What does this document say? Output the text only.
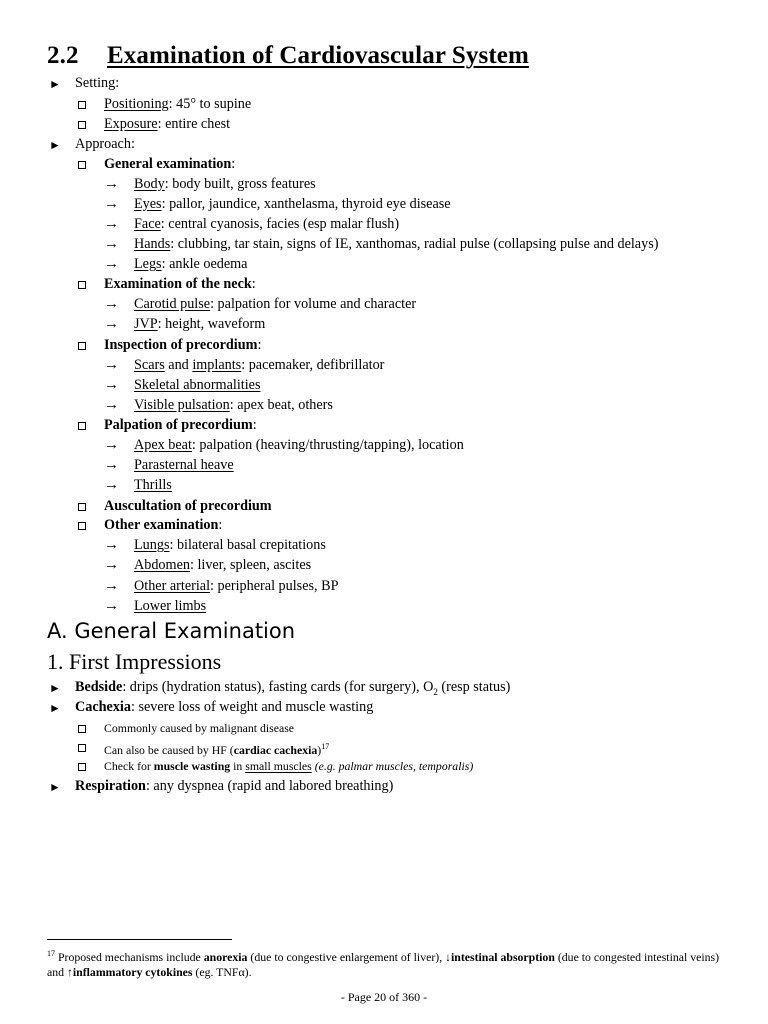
2.2 Examination of Cardiovascular System
► Setting:
Positioning: 45° to supine
Exposure: entire chest
► Approach:
General examination:
→ Body: body built, gross features
→ Eyes: pallor, jaundice, xanthelasma, thyroid eye disease
→ Face: central cyanosis, facies (esp malar flush)
→ Hands: clubbing, tar stain, signs of IE, xanthomas, radial pulse (collapsing pulse and delays)
→ Legs: ankle oedema
Examination of the neck:
→ Carotid pulse: palpation for volume and character
→ JVP: height, waveform
Inspection of precordium:
→ Scars and implants: pacemaker, defibrillator
→ Skeletal abnormalities
→ Visible pulsation: apex beat, others
Palpation of precordium:
→ Apex beat: palpation (heaving/thrusting/tapping), location
→ Parasternal heave
→ Thrills
Auscultation of precordium
Other examination:
→ Lungs: bilateral basal crepitations
→ Abdomen: liver, spleen, ascites
→ Other arterial: peripheral pulses, BP
→ Lower limbs
A. General Examination
1. First Impressions
► Bedside: drips (hydration status), fasting cards (for surgery), $O_2$ (resp status)
► Cachexia: severe loss of weight and muscle wasting
Commonly caused by malignant disease
Can also be caused by HF (cardiac cachexia)$^{17}$
Check for muscle wasting in small muscles (e.g. palmar muscles, temporalis)
► Respiration: any dyspnea (rapid and labored breathing)
$^{17}$ Proposed mechanisms include anorexia (due to congestive enlargement of liver), ↓intestinal absorption (due to congested intestinal veins) and ↑inflammatory cytokines (eg. TNFα).
- Page 20 of 360 -
